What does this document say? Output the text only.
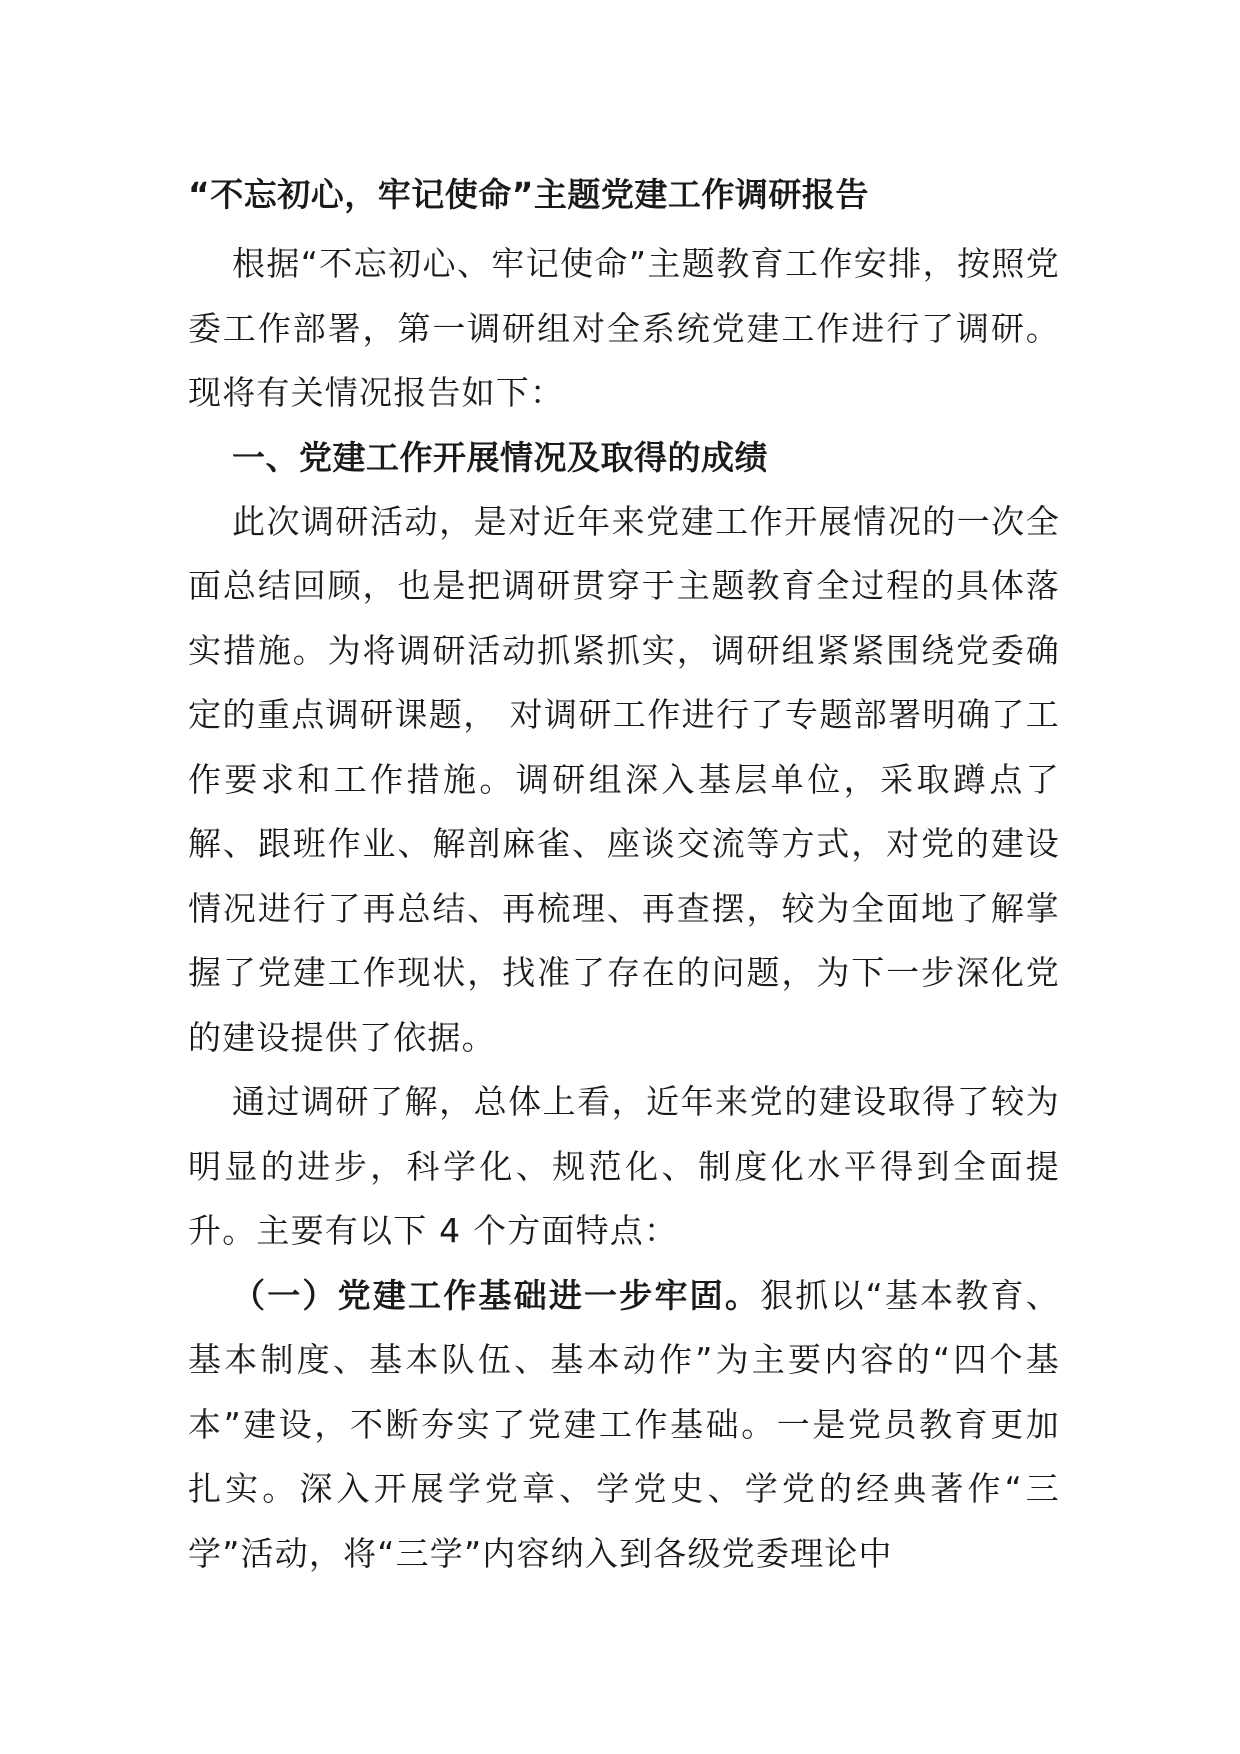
“不忘初心，牢记使命”主题党建工作调研报告

根据“不忘初心、牢记使命”主题教育工作安排，按照党委工作部署，第一调研组对全系统党建工作进行了调研。现将有关情况报告如下：

一、党建工作开展情况及取得的成绩

此次调研活动，是对近年来党建工作开展情况的一次全面总结回顾，也是把调研贯穿于主题教育全过程的具体落实措施。为将调研活动抓紧抓实，调研组紧紧围绕党委确定的重点调研课题， 对调研工作进行了专题部署明确了工作要求和工作措施。调研组深入基层单位，采取蹲点了解、跟班作业、解剖麻雀、座谈交流等方式，对党的建设情况进行了再总结、再梳理、再查摆，较为全面地了解掌握了党建工作现状，找准了存在的问题，为下一步深化党的建设提供了依据。

通过调研了解，总体上看，近年来党的建设取得了较为明显的进步，科学化、规范化、制度化水平得到全面提升。主要有以下 4 个方面特点：

（一）党建工作基础进一步牢固。狠抓以“基本教育、基本制度、基本队伍、基本动作”为主要内容的“四个基本”建设，不断夯实了党建工作基础。一是党员教育更加扎实。深入开展学党章、学党史、学党的经典著作“三学”活动，将“三学”内容纳入到各级党委理论中
